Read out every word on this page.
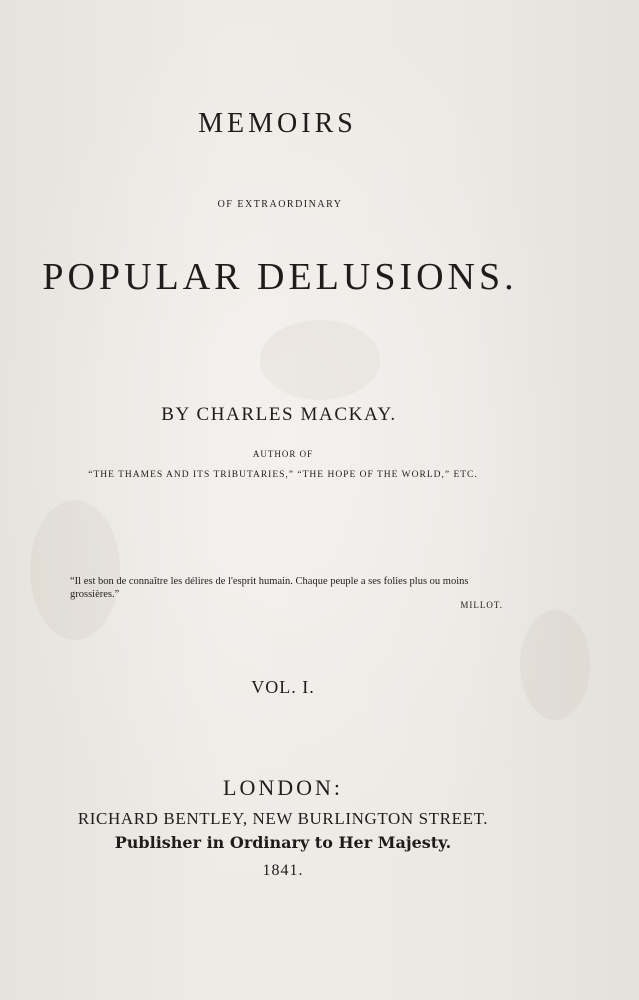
MEMOIRS
OF EXTRAORDINARY
POPULAR DELUSIONS.
BY CHARLES MACKAY.
AUTHOR OF
“THE THAMES AND ITS TRIBUTARIES,” “THE HOPE OF THE WORLD,” ETC.
“Il est bon de connaître les délires de l'esprit humain. Chaque peuple a ses folies plus ou moins grossières.”
MILLOT.
VOL. I.
LONDON:
RICHARD BENTLEY, NEW BURLINGTON STREET.
Publisher in Ordinary to Her Majesty.
1841.
